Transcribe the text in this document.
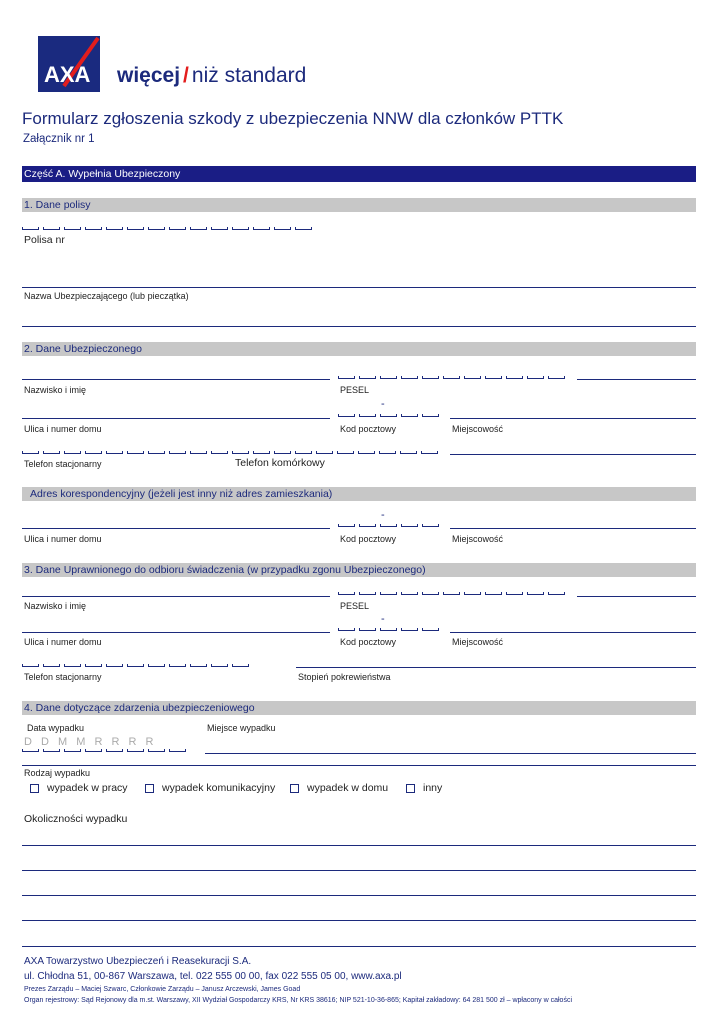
AXA więcej / niż standard
Formularz zgłoszenia szkody z ubezpieczenia NNW dla członków PTTK
Załącznik nr 1
Część A. Wypełnia Ubezpieczony
1. Dane polisy
Polisa nr
Nazwa Ubezpieczającego (lub pieczątka)
2. Dane Ubezpieczonego
Nazwisko i imię	PESEL
-
Ulica i numer domu	Kod pocztowy	Miejscowość
Telefon stacjonarny	Telefon komórkowy
Adres korespondencyjny (jeżeli jest inny niż adres zamieszkania)
-
Ulica i numer domu	Kod pocztowy	Miejscowość
3. Dane Uprawnionego do odbioru świadczenia (w przypadku zgonu Ubezpieczonego)
Nazwisko i imię	PESEL
-
Ulica i numer domu	Kod pocztowy	Miejscowość
Telefon stacjonarny	Stopień pokrewieństwa
4. Dane dotyczące zdarzenia ubezpieczeniowego
Data wypadku	Miejsce wypadku
D D M M R R R R
Rodzaj wypadku
wypadek w pracy	wypadek komunikacyjny	wypadek w domu	inny
Okoliczności wypadku
AXA Towarzystwo Ubezpieczeń i Reasekuracji S.A.
ul. Chłodna 51, 00-867 Warszawa, tel. 022 555 00 00, fax 022 555 05 00, www.axa.pl
Prezes Zarządu – Maciej Szwarc, Członkowie Zarządu – Janusz Arczewski, James Goad
Organ rejestrowy: Sąd Rejonowy dla m.st. Warszawy, XII Wydział Gospodarczy KRS, Nr KRS 38616; NIP 521-10-36-865; Kapitał zakładowy: 64 281 500 zł – wpłacony w całości
